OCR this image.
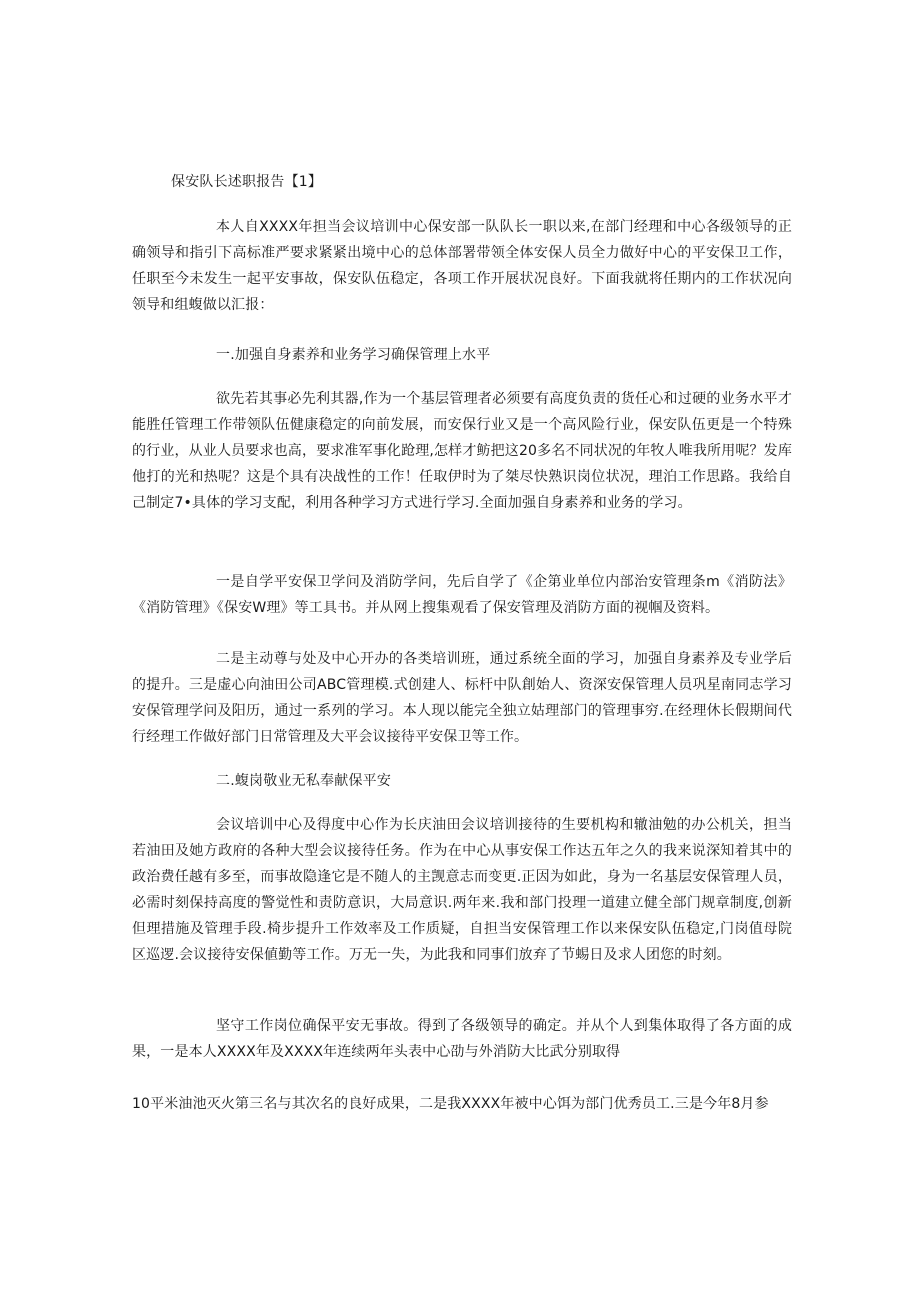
保安队长述职报告【1】

本人自XXXX年担当会议培训中心保安部一队队长一职以来,在部门经理和中心各级领导的正确领导和指引下高标准严要求紧紧出境中心的总体部署带领全体安保人员全力做好中心的平安保卫工作，任职至今未发生一起平安事故，保安队伍稳定，各项工作开展状况良好。下面我就将任期内的工作状况向领导和组蝮做以汇报：

一.加强自身素养和业务学习确保管理上水平

欲先若其事必先利其器,作为一个基层管理者必须要有高度负责的货任心和过硬的业务水平才能胜任管理工作带领队伍健康稳定的向前发展，而安保行业又是一个高风险行业，保安队伍更是一个特殊的行业，从业人员要求也高，要求准军事化跄理,怎样才鲂把这20多名不同状况的年牧人唯我所用呢？发库他打的光和热呢？这是个具有决战性的工作！任取伊时为了桀尽快熟识岗位状况，理泊工作思路。我给自己制定7•具体的学习支配，利用各种学习方式进行学习.全面加强自身素养和业务的学习。

一是自学平安保卫学问及消防学问，先后自学了《企第业单位内部治安管理条m《消防法》《消防管理》《保安W理》等工具书。并从网上搜集观看了保安管理及消防方面的视帼及资料。

二是主动尊与处及中心开办的各类培训班，通过系统全面的学习，加强自身素养及专业学后的提升。三是虚心向油田公司ABC管理模.式创建人、标杆中队創始人、资深安保管理人员巩星南同志学习安保管理学问及阳历，通过一系列的学习。本人现以能完全独立姑理部门的管理事穷.在经理休长假期间代行经理工作做好部门日常管理及大平会议接待平安保卫等工作。

二.蝮岗敬业无私奉献保平安

会议培训中心及得度中心作为长庆油田会议培训接待的生要机构和辙油勉的办公机关，担当若油田及她方政府的各种大型会议接待任务。作为在中心从事安保工作达五年之久的我来说深知着其中的政治费任越有多至，而事故隐逢它是不随人的主觊意志而变更.正因为如此，身为一名基层安保管理人员，必需时刻保持高度的警觉性和责防意识，大局意识.两年来.我和部门投理一道建立健全部门规章制度,创新但理措施及管理手段.椅步提升工作效率及工作质疑，自担当安保管理工作以来保安队伍稳定,门岗值母院区巡逻.会议接待安保値勤等工作。万无一失，为此我和同事们放弃了节蜴日及求人团您的时刻。

坚守工作岗位确保平安无事故。得到了各级领导的确定。并从个人到集体取得了各方面的成果，一是本人XXXX年及XXXX年连续两年头表中心劭与外消防大比武分别取得

10平米油池灭火第三名与其次名的良好成果，二是我XXXX年被中心饵为部门优秀员工.三是今年8月参
